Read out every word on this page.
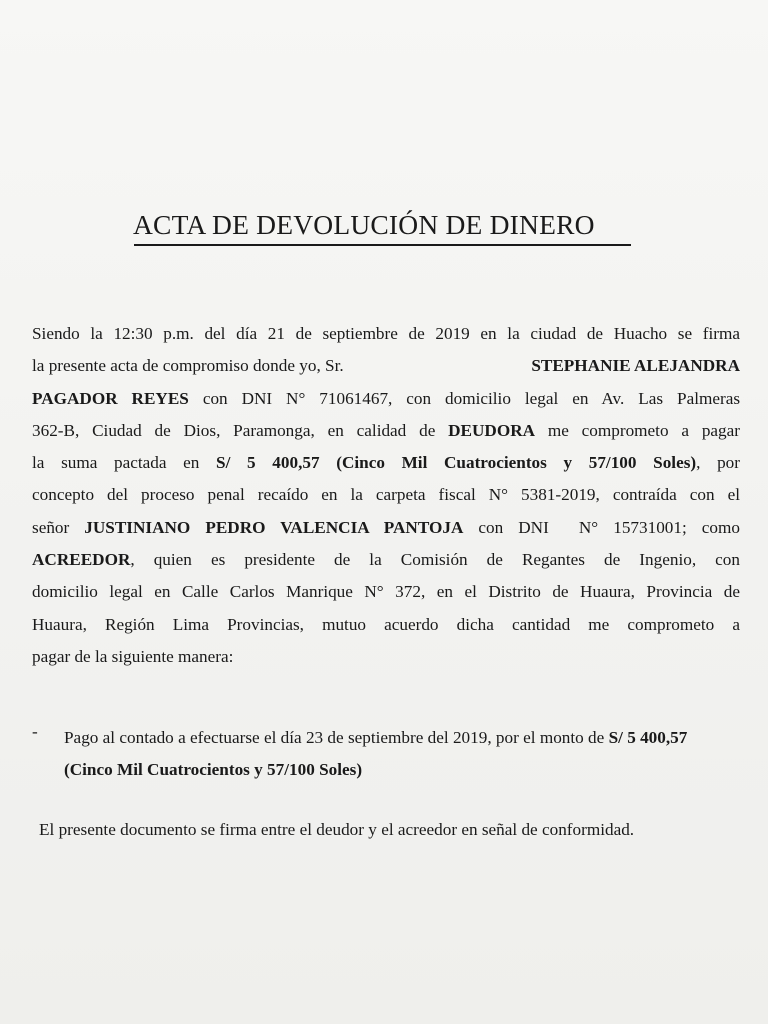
ACTA DE DEVOLUCIÓN DE DINERO
Siendo la 12:30 p.m. del día 21 de septiembre de 2019 en la ciudad de Huacho se firma
la presente acta de compromiso donde yo, Sr.	STEPHANIE ALEJANDRA
PAGADOR REYES con DNI N° 71061467, con domicilio legal en Av. Las Palmeras
362-B, Ciudad de Dios, Paramonga, en calidad de DEUDORA me comprometo a pagar
la suma pactada en S/ 5 400,57 (Cinco Mil Cuatrocientos y 57/100 Soles), por
concepto del proceso penal recaído en la carpeta fiscal N° 5381-2019, contraída con el
señor JUSTINIANO PEDRO VALENCIA PANTOJA con DNI  N° 15731001; como
ACREEDOR, quien es presidente de la Comisión de Regantes de Ingenio, con
domicilio legal en Calle Carlos Manrique N° 372, en el Distrito de Huaura, Provincia de
Huaura, Región Lima Provincias, mutuo acuerdo dicha cantidad me comprometo a
pagar de la siguiente manera:
- Pago al contado a efectuarse el día 23 de septiembre del 2019, por el monto de S/ 5 400,57 (Cinco Mil Cuatrocientos y 57/100 Soles)
El presente documento se firma entre el deudor y el acreedor en señal de conformidad.
